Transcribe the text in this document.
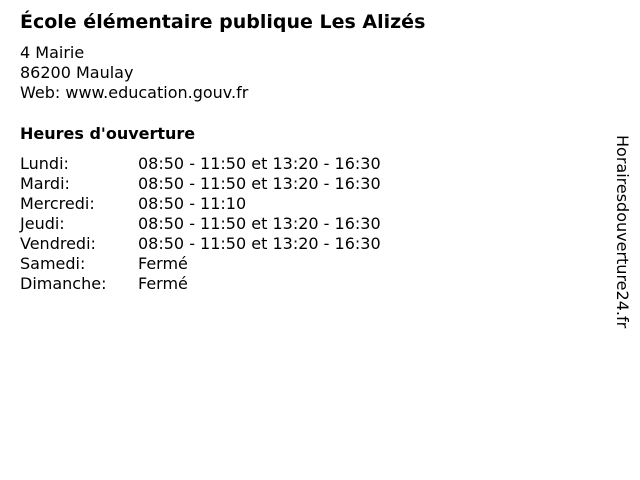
École élémentaire publique Les Alizés
4 Mairie
86200 Maulay
Web: www.education.gouv.fr
Heures d'ouverture
Lundi:	08:50 - 11:50 et 13:20 - 16:30
Mardi:	08:50 - 11:50 et 13:20 - 16:30
Mercredi:	08:50 - 11:10
Jeudi:	08:50 - 11:50 et 13:20 - 16:30
Vendredi:	08:50 - 11:50 et 13:20 - 16:30
Samedi:	Fermé
Dimanche:	Fermé	Horairesdouverture24.fr
